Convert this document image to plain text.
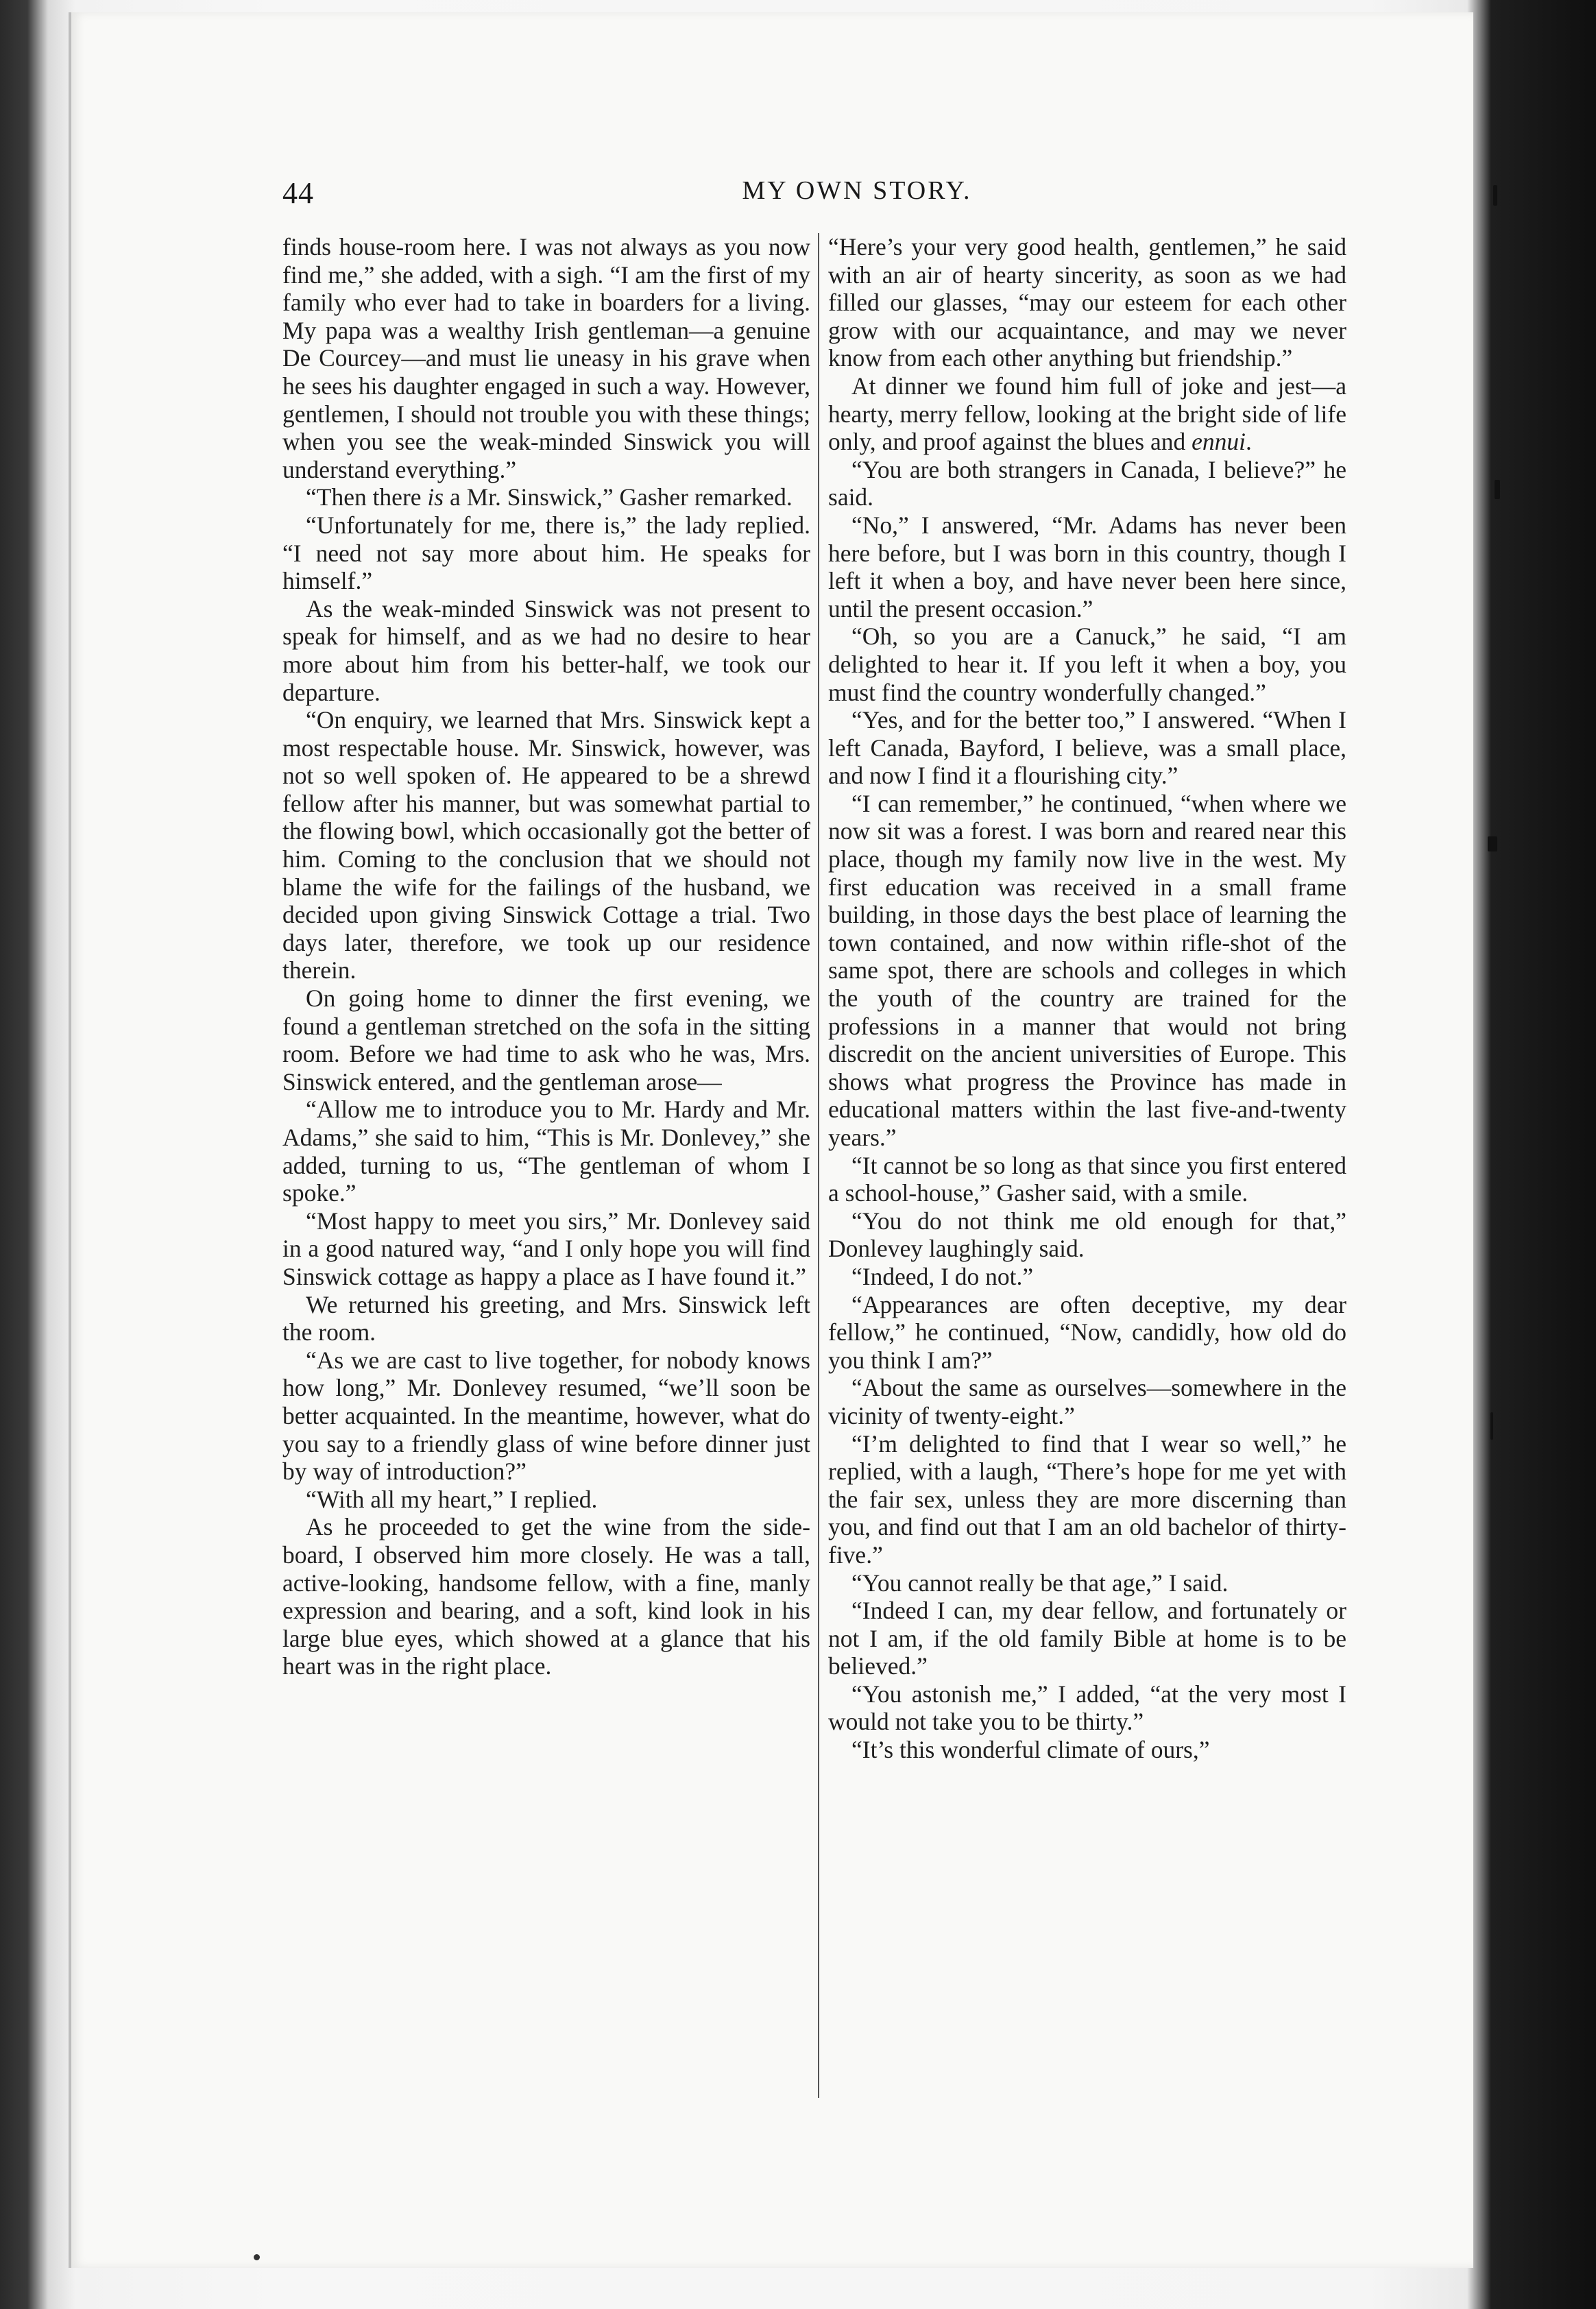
44	MY OWN STORY.

finds house-room here. I was not always as you now find me,” she added, with a sigh. “I am the first of my family who ever had to take in boarders for a living. My papa was a wealthy Irish gentleman—a genuine De Courcey—and must lie uneasy in his grave when he sees his daughter engaged in such a way. However, gentlemen, I should not trouble you with these things; when you see the weak-minded Sinswick you will understand everything.”

“Then there is a Mr. Sinswick,” Gasher remarked.

“Unfortunately for me, there is,” the lady replied. “I need not say more about him. He speaks for himself.”

As the weak-minded Sinswick was not present to speak for himself, and as we had no desire to hear more about him from his better-half, we took our departure.

“On enquiry, we learned that Mrs. Sinswick kept a most respectable house. Mr. Sinswick, however, was not so well spoken of. He appeared to be a shrewd fellow after his manner, but was somewhat partial to the flowing bowl, which occasionally got the better of him. Coming to the conclusion that we should not blame the wife for the failings of the husband, we decided upon giving Sinswick Cottage a trial. Two days later, therefore, we took up our residence therein.

On going home to dinner the first evening, we found a gentleman stretched on the sofa in the sitting room. Before we had time to ask who he was, Mrs. Sinswick entered, and the gentleman arose—

“Allow me to introduce you to Mr. Hardy and Mr. Adams,” she said to him, “This is Mr. Donlevey,” she added, turning to us, “The gentleman of whom I spoke.”

“Most happy to meet you sirs,” Mr. Donlevey said in a good natured way, “and I only hope you will find Sinswick cottage as happy a place as I have found it.”

We returned his greeting, and Mrs. Sinswick left the room.

“As we are cast to live together, for nobody knows how long,” Mr. Donlevey resumed, “we’ll soon be better acquainted. In the meantime, however, what do you say to a friendly glass of wine before dinner just by way of introduction?”

“With all my heart,” I replied.

As he proceeded to get the wine from the side-board, I observed him more closely. He was a tall, active-looking, handsome fellow, with a fine, manly expression and bearing, and a soft, kind look in his large blue eyes, which showed at a glance that his heart was in the right place.

“Here’s your very good health, gentlemen,” he said with an air of hearty sincerity, as soon as we had filled our glasses, “may our esteem for each other grow with our acquaintance, and may we never know from each other anything but friendship.”

At dinner we found him full of joke and jest—a hearty, merry fellow, looking at the bright side of life only, and proof against the blues and ennui.

“You are both strangers in Canada, I believe?” he said.

“No,” I answered, “Mr. Adams has never been here before, but I was born in this country, though I left it when a boy, and have never been here since, until the present occasion.”

“Oh, so you are a Canuck,” he said, “I am delighted to hear it. If you left it when a boy, you must find the country wonderfully changed.”

“Yes, and for the better too,” I answered. “When I left Canada, Bayford, I believe, was a small place, and now I find it a flourishing city.”

“I can remember,” he continued, “when where we now sit was a forest. I was born and reared near this place, though my family now live in the west. My first education was received in a small frame building, in those days the best place of learning the town contained, and now within rifle-shot of the same spot, there are schools and colleges in which the youth of the country are trained for the professions in a manner that would not bring discredit on the ancient universities of Europe. This shows what progress the Province has made in educational matters within the last five-and-twenty years.”

“It cannot be so long as that since you first entered a school-house,” Gasher said, with a smile.

“You do not think me old enough for that,” Donlevey laughingly said.

“Indeed, I do not.”

“Appearances are often deceptive, my dear fellow,” he continued, “Now, candidly, how old do you think I am?”

“About the same as ourselves—somewhere in the vicinity of twenty-eight.”

“I’m delighted to find that I wear so well,” he replied, with a laugh, “There’s hope for me yet with the fair sex, unless they are more discerning than you, and find out that I am an old bachelor of thirty-five.”

“You cannot really be that age,” I said.

“Indeed I can, my dear fellow, and fortunately or not I am, if the old family Bible at home is to be believed.”

“You astonish me,” I added, “at the very most I would not take you to be thirty.”

“It’s this wonderful climate of ours,”
